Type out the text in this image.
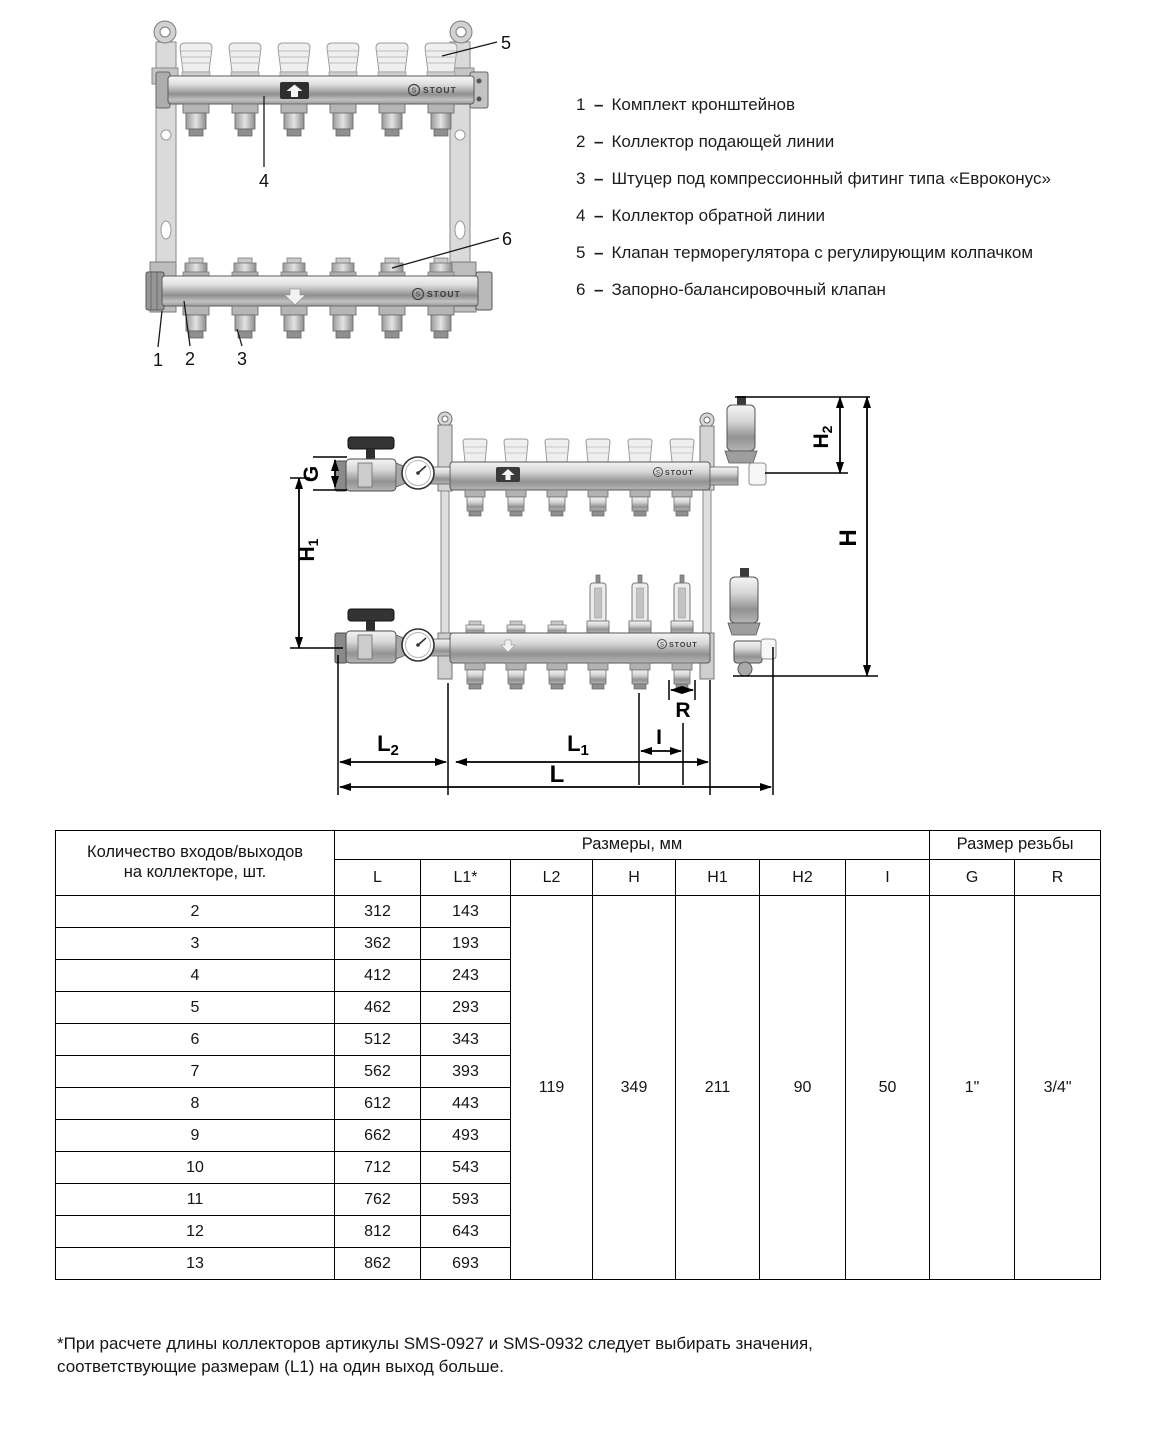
S STOUT
S STOUT
5
4
6
1 2 3
1 – Комплект кронштейнов
2 – Коллектор подающей линии
3 – Штуцер под компрессионный фитинг типа «Евроконус»
4 – Коллектор обратной линии
5 – Клапан терморегулятора с регулирующим колпачком
6 – Запорно-балансировочный клапан
S STOUT
S STOUT
G
H1
H2
H
R
I
L2	L1
L
Количество входов/выходов
на коллекторе, шт.	Размеры, мм							Размер резьбы	
	L	L1*	L2	H	H1	H2	I	G	R
2	312	143	119	349	211	90	50	1"	3/4"
3	362	193							
4	412	243							
5	462	293							
6	512	343							
7	562	393							
8	612	443							
9	662	493							
10	712	543							
11	762	593							
12	812	643							
13	862	693							
*При расчете длины коллекторов артикулы SMS-0927 и SMS-0932 следует выбирать значения, соответствующие размерам (L1) на один выход больше.
